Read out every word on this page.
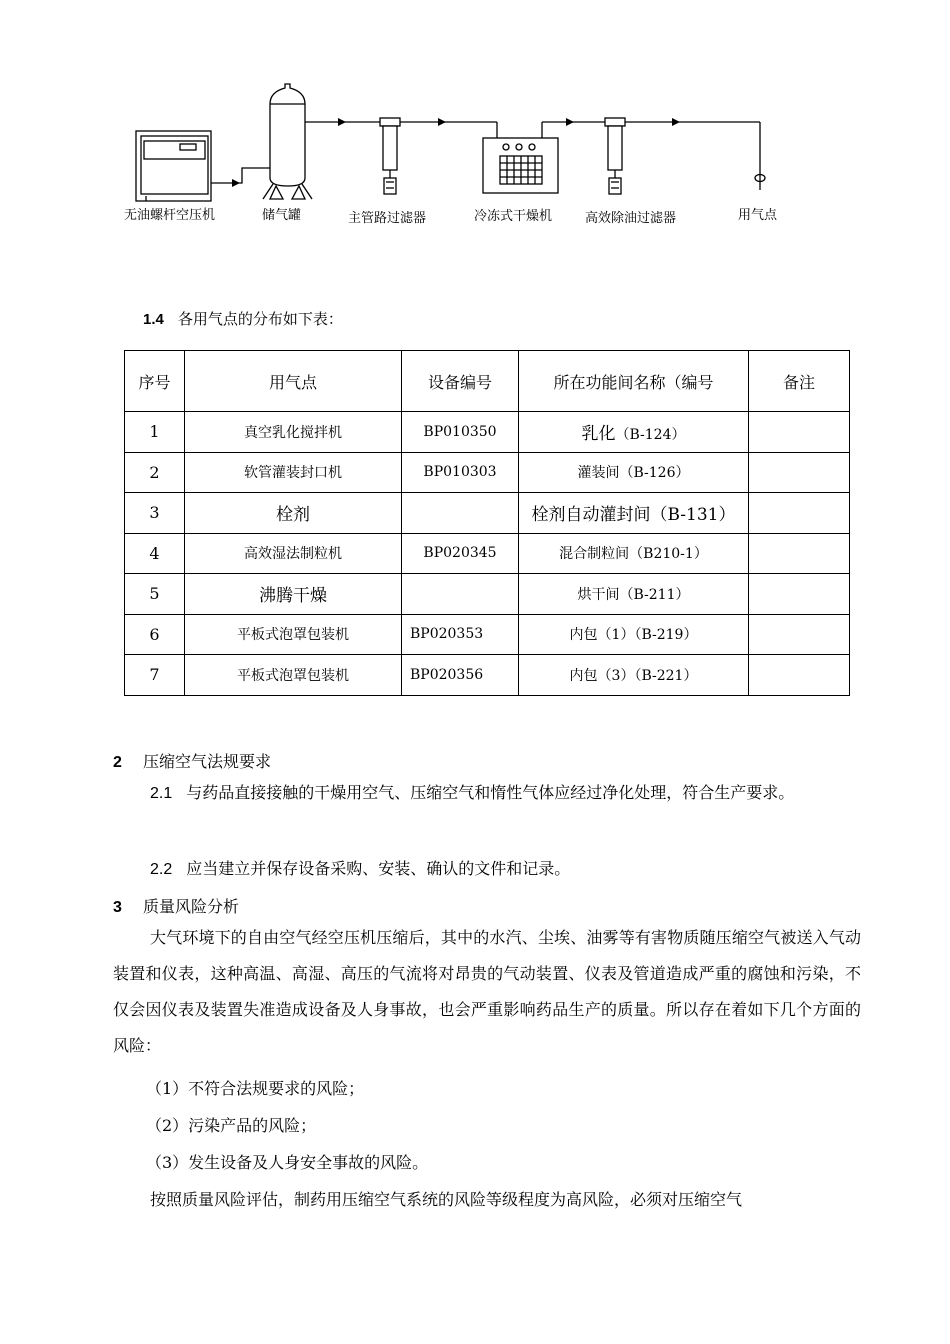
无油螺杆空压机	储气罐	主管路过滤器	冷冻式干燥机	高效除油过滤器	用气点
1.4 各用气点的分布如下表：
序号	用气点	设备编号	所在功能间名称（编号	备注
1	真空乳化搅拌机	BP010350	乳化（B-124）	
2	软管灌装封口机	BP010303	灌装间（B-126）	
3	栓剂		栓剂自动灌封间（B-131）	
4	高效湿法制粒机	BP020345	混合制粒间（B210-1）	
5	沸腾干燥		烘干间（B-211）	
6	平板式泡罩包装机	BP020353	内包（1）（B-219）	
7	平板式泡罩包装机	BP020356	内包（3）（B-221）	
2 压缩空气法规要求
2.1 与药品直接接触的干燥用空气、压缩空气和惰性气体应经过净化处理，符合生产要求。
2.2 应当建立并保存设备采购、安装、确认的文件和记录。
3 质量风险分析
大气环境下的自由空气经空压机压缩后，其中的水汽、尘埃、油雾等有害物质随压缩空气被送入气动装置和仪表，这种高温、高湿、高压的气流将对昂贵的气动装置、仪表及管道造成严重的腐蚀和污染，不仅会因仪表及装置失准造成设备及人身事故，也会严重影响药品生产的质量。所以存在着如下几个方面的风险：
（1）不符合法规要求的风险；
（2）污染产品的风险；
（3）发生设备及人身安全事故的风险。
按照质量风险评估，制药用压缩空气系统的风险等级程度为高风险，必须对压缩空气
